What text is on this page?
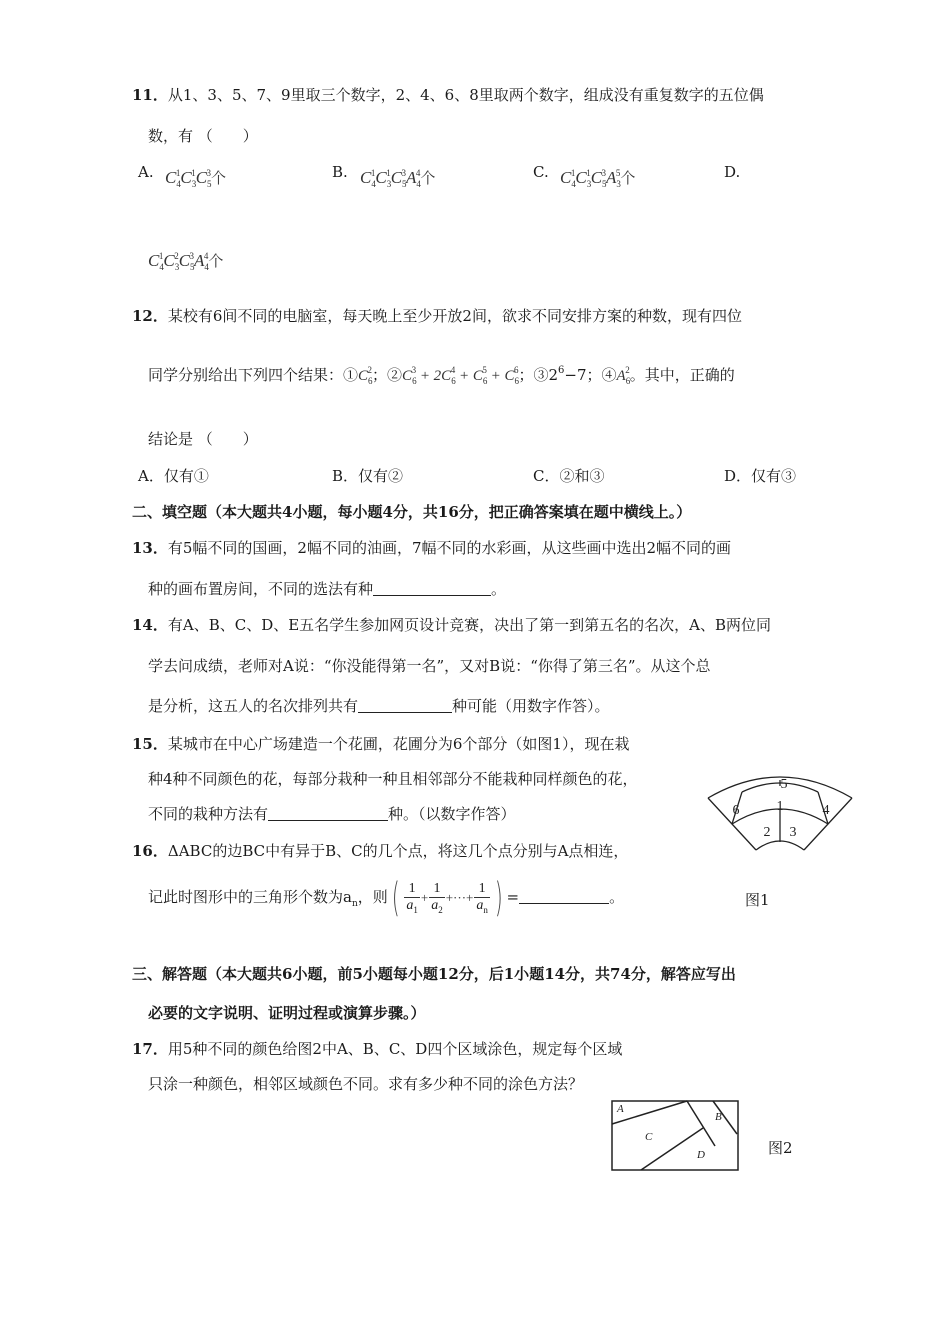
11．从1、3、5、7、9里取三个数字，2、4、6、8里取两个数字，组成没有重复数字的五位偶
数，有 （　　）
A. $C_4^1C_3^1C_5^3$个	B. $C_4^1C_3^1C_5^3A_4^4$个	C. $C_4^1C_3^1C_5^3A_3^5$个	D.
$C_4^1C_3^2C_5^3A_4^4$个
12．某校有6间不同的电脑室，每天晚上至少开放2间，欲求不同安排方案的种数，现有四位
同学分别给出下列四个结果：$①C_6^2$；$②C_6^3 + 2C_6^4 + C_6^5 + C_6^6$；$③2^6-7$；$④A_6^2$。其中，正确的
结论是 （　　）
A．仅有①	B．仅有②	C．②和③	D．仅有③
二、填空题（本大题共4小题，每小题4分，共16分，把正确答案填在题中横线上。）
13．有5幅不同的国画，2幅不同的油画，7幅不同的水彩画，从这些画中选出2幅不同的画
种的画布置房间，不同的选法有种	。
14．有A、B、C、D、E五名学生参加网页设计竞赛，决出了第一到第五名的名次，A、B两位同
学去问成绩，老师对A说：“你没能得第一名”，又对B说：“你得了第三名”。从这个总
是分析，这五人的名次排列共有	种可能（用数字作答）。
15．某城市在中心广场建造一个花圃，花圃分为6个部分（如图1），现在栽
种4种不同颜色的花，每部分栽种一种且相邻部分不能栽种同样颜色的花，
不同的栽种方法有	种。（以数字作答）
5
6	1	4
2 3
16．ΔABC的边BC中有异于B、C的几个点，将这几个点分别与A点相连，
记此时图形中的三角形个数为$a_n$，则( $\frac{1}{a_1} + \frac{1}{a_2}$ +···+ $\frac{1}{a_n}$ ) =	。	图1
三、解答题（本大题共6小题，前5小题每小题12分，后1小题14分，共74分，解答应写出
必要的文字说明、证明过程或演算步骤。）
17．用5种不同的颜色给图2中A、B、C、D四个区域涂色，规定每个区域
只涂一种颜色，相邻区域颜色不同。求有多少种不同的涂色方法？
A
B
C
D	图2
